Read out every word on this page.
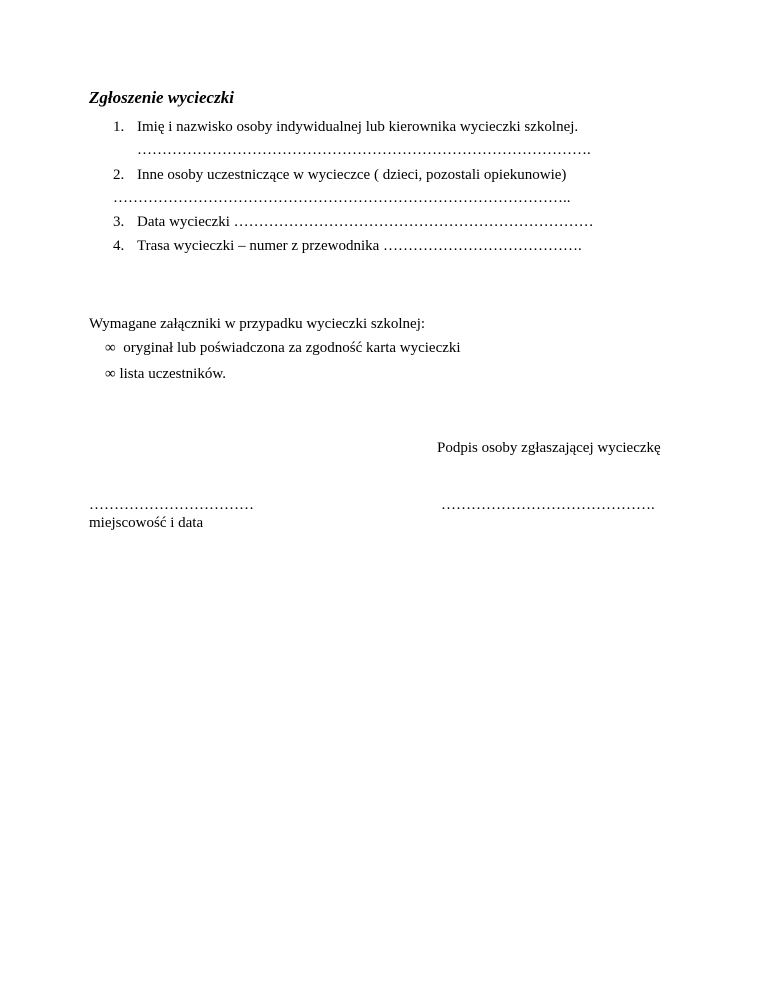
Zgłoszenie wycieczki
1. Imię i nazwisko osoby indywidualnej lub kierownika wycieczki szkolnej.
……………………………………………………………………………….
2. Inne osoby uczestniczące w wycieczce ( dzieci, pozostali opiekunowie)
………………………………………………………………………………..
3. Data wycieczki ………………………………………………………………
4. Trasa wycieczki – numer z przewodnika ………………………………….
Wymagane załączniki w przypadku wycieczki szkolnej:
∞ oryginał lub poświadczona za zgodność karta wycieczki
∞ lista uczestników.
Podpis osoby zgłaszającej wycieczkę
……………………………	…………………………………….
miejscowość i data
